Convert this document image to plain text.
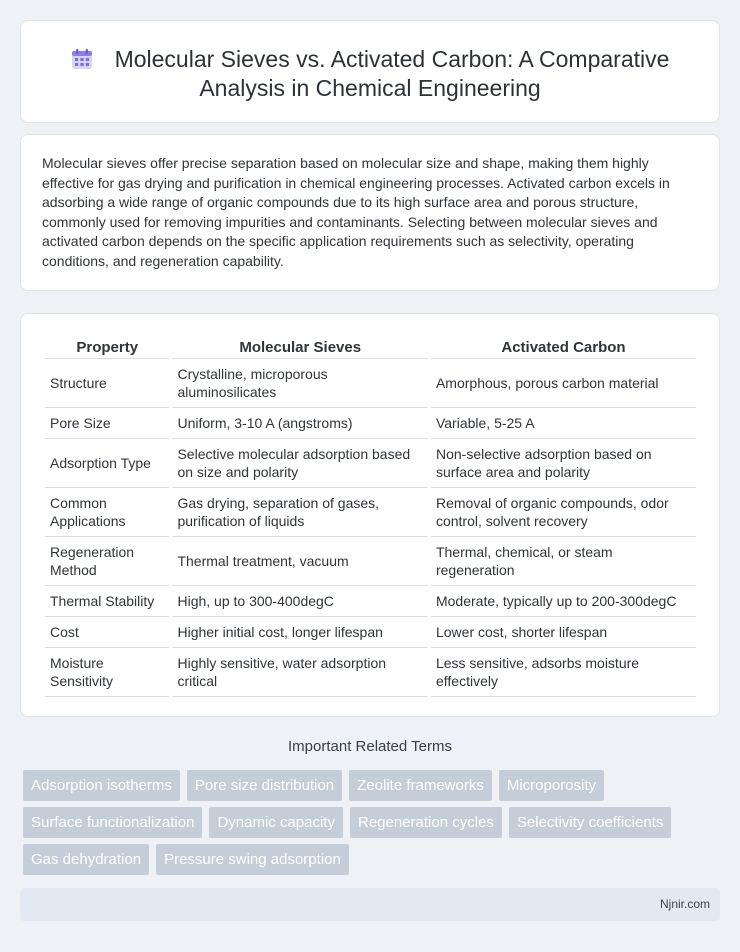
Molecular Sieves vs. Activated Carbon: A Comparative
Analysis in Chemical Engineering

Molecular sieves offer precise separation based on molecular size and shape, making them highly effective for gas drying and purification in chemical engineering processes. Activated carbon excels in adsorbing a wide range of organic compounds due to its high surface area and porous structure, commonly used for removing impurities and contaminants. Selecting between molecular sieves and activated carbon depends on the specific application requirements such as selectivity, operating conditions, and regeneration capability.

Property	Molecular Sieves	Activated Carbon
Structure	Crystalline, microporous aluminosilicates	Amorphous, porous carbon material
Pore Size	Uniform, 3-10 A (angstroms)	Variable, 5-25 A
Adsorption Type	Selective molecular adsorption based on size and polarity	Non-selective adsorption based on surface area and polarity
Common Applications	Gas drying, separation of gases, purification of liquids	Removal of organic compounds, odor control, solvent recovery
Regeneration Method	Thermal treatment, vacuum	Thermal, chemical, or steam regeneration
Thermal Stability	High, up to 300-400degC	Moderate, typically up to 200-300degC
Cost	Higher initial cost, longer lifespan	Lower cost, shorter lifespan
Moisture Sensitivity	Highly sensitive, water adsorption critical	Less sensitive, adsorbs moisture effectively
Important Related Terms
Adsorption isotherms	Pore size distribution	Zeolite frameworks	Microporosity
Surface functionalization	Dynamic capacity	Regeneration cycles	Selectivity coefficients
Gas dehydration	Pressure swing adsorption
Njnir.com
